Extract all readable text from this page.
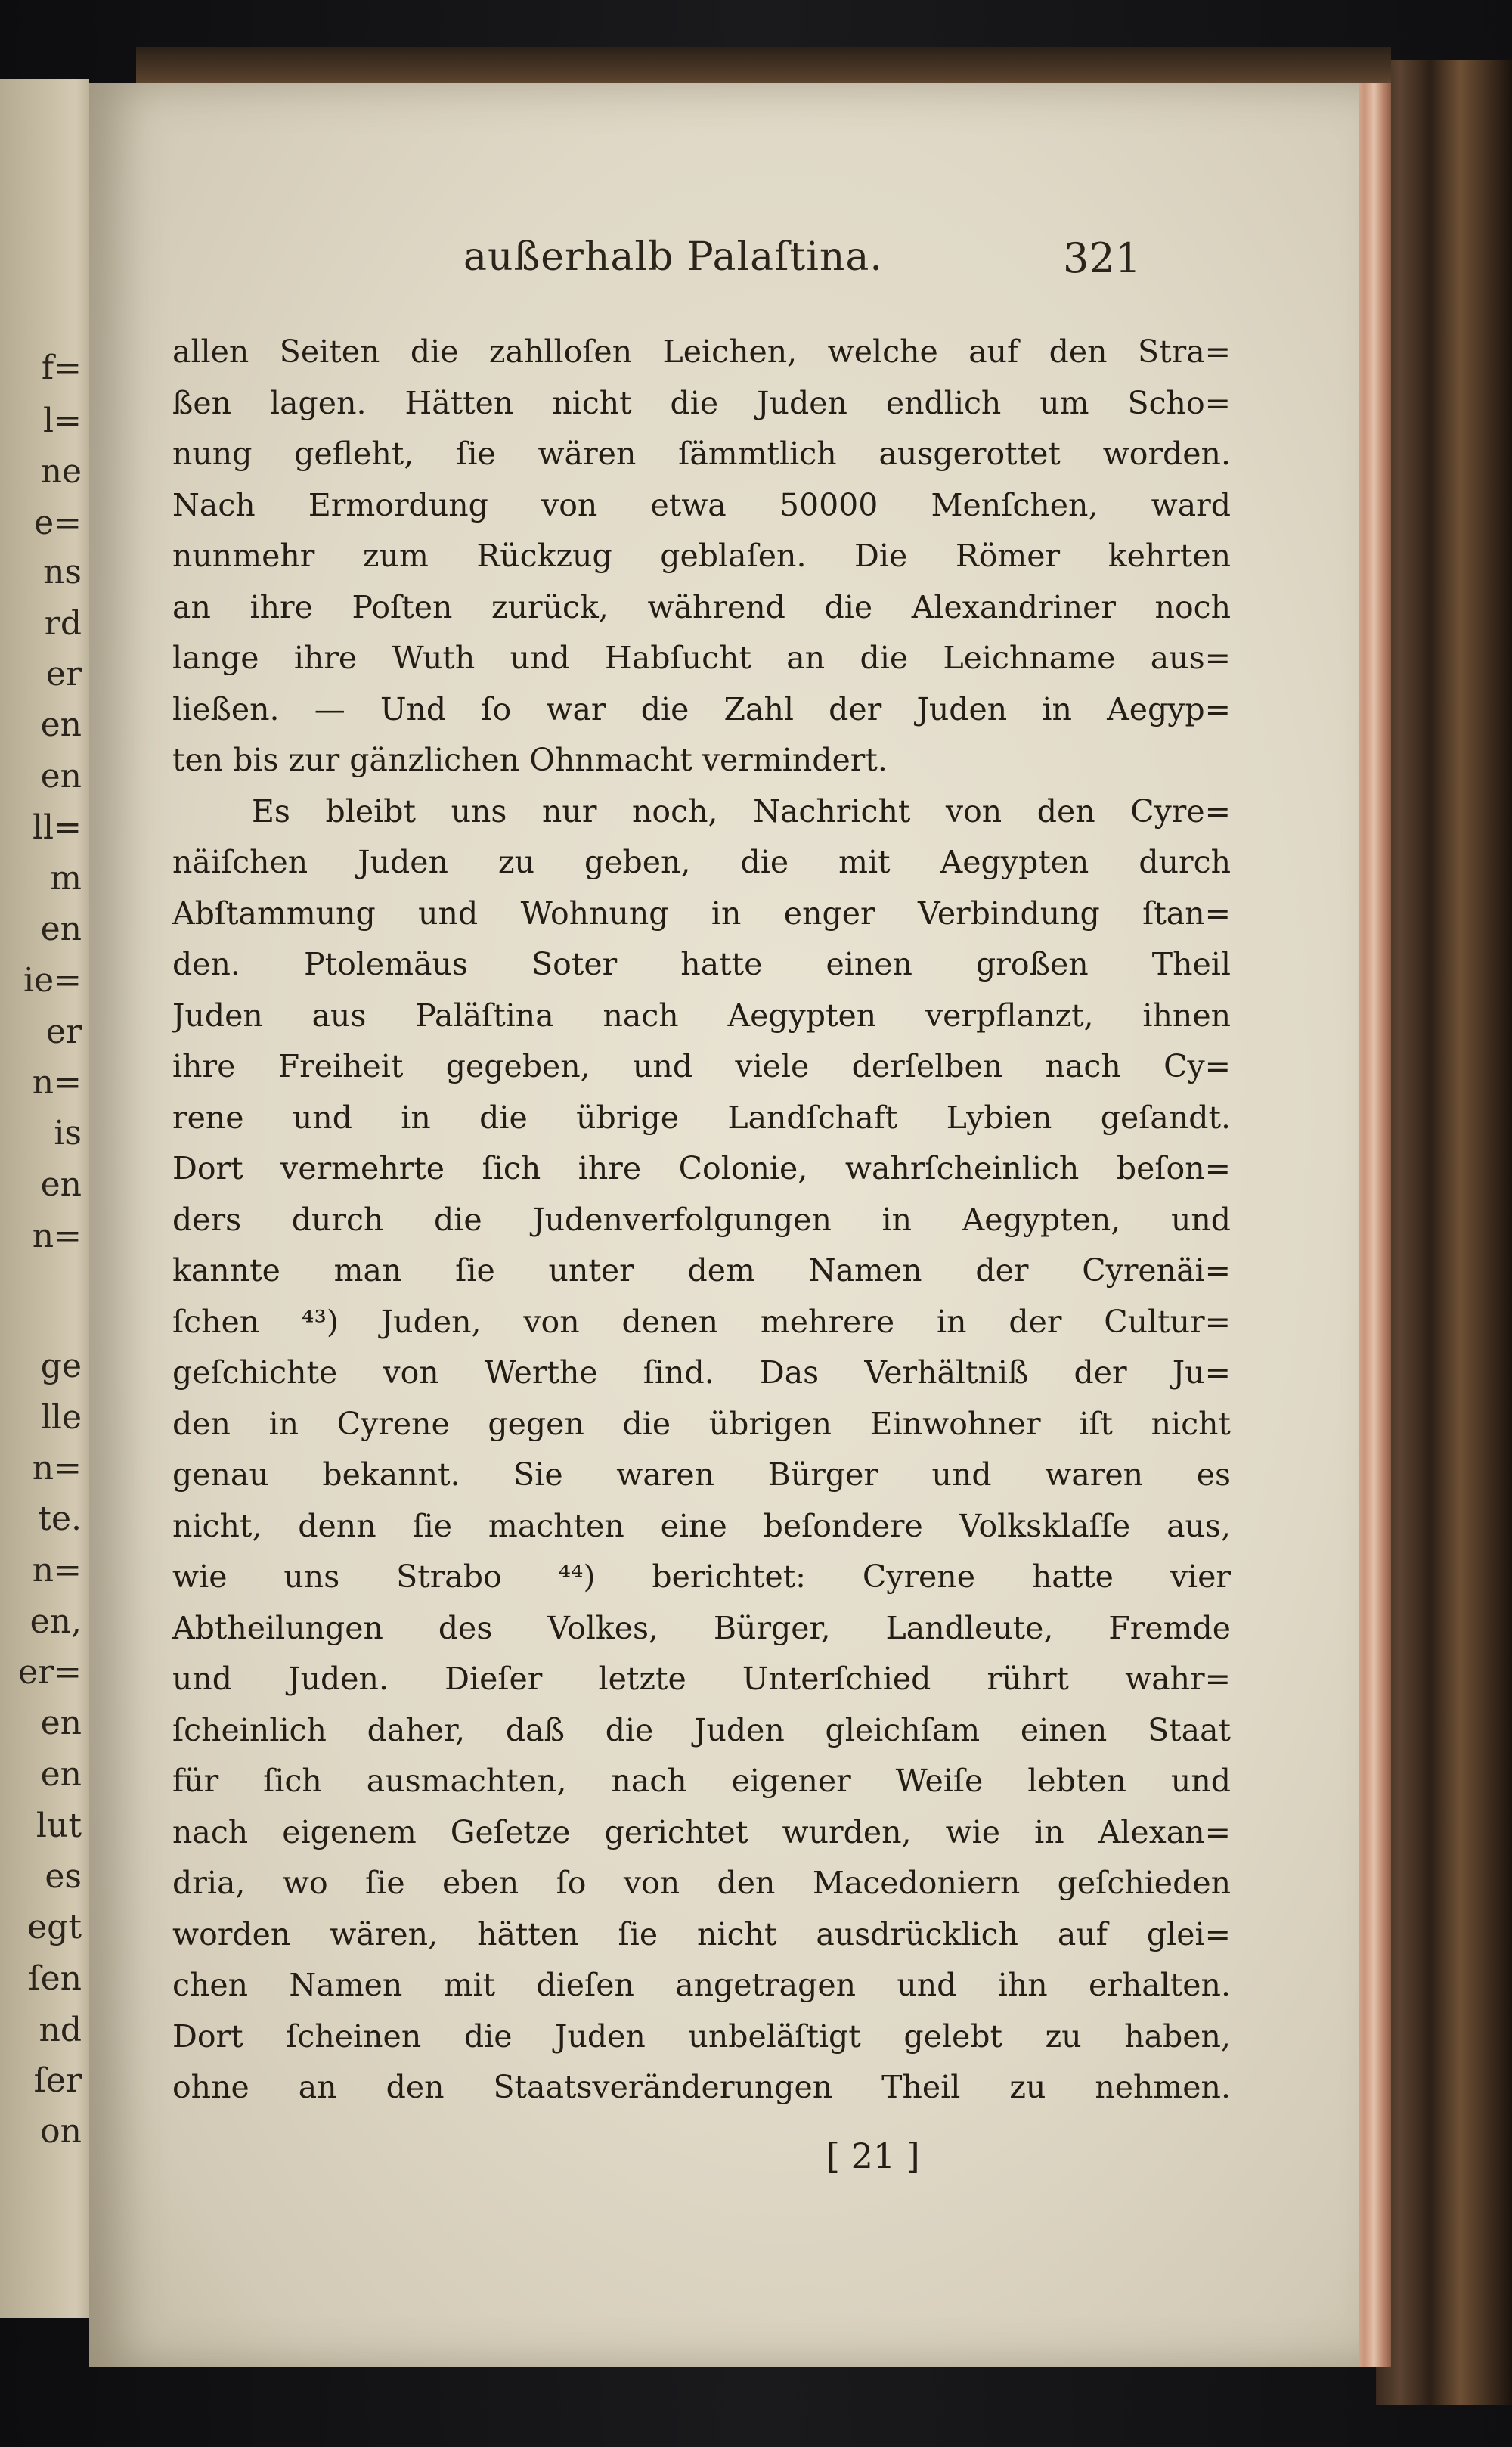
f=
l=
ne
e=
ns
rd
er
en
en
ll=
m
en
ie=
er
n=
is
en
n=
ge
lle
n=
te.
n=
en,
er=
en
en
lut
es
egt
ſen
nd
ſer
on
außerhalb Palaſtina.	321
allen Seiten die zahlloſen Leichen, welche auf den Stra=
ßen lagen. Hätten nicht die Juden endlich um Scho=
nung gefleht, ſie wären ſämmtlich ausgerottet worden.
Nach Ermordung von etwa 50000 Menſchen, ward
nunmehr zum Rückzug geblaſen. Die Römer kehrten
an ihre Poſten zurück, während die Alexandriner noch
lange ihre Wuth und Habſucht an die Leichname aus=
ließen. — Und ſo war die Zahl der Juden in Aegyp=
ten bis zur gänzlichen Ohnmacht vermindert.
Es bleibt uns nur noch, Nachricht von den Cyre=
näiſchen Juden zu geben, die mit Aegypten durch
Abſtammung und Wohnung in enger Verbindung ſtan=
den. Ptolemäus Soter hatte einen großen Theil
Juden aus Paläſtina nach Aegypten verpflanzt, ihnen
ihre Freiheit gegeben, und viele derſelben nach Cy=
rene und in die übrige Landſchaft Lybien geſandt.
Dort vermehrte ſich ihre Colonie, wahrſcheinlich beſon=
ders durch die Judenverfolgungen in Aegypten, und
kannte man ſie unter dem Namen der Cyrenäi=
ſchen ⁴³) Juden, von denen mehrere in der Cultur=
geſchichte von Werthe ſind. Das Verhältniß der Ju=
den in Cyrene gegen die übrigen Einwohner iſt nicht
genau bekannt. Sie waren Bürger und waren es
nicht, denn ſie machten eine beſondere Volksklaſſe aus,
wie uns Strabo ⁴⁴) berichtet: Cyrene hatte vier
Abtheilungen des Volkes, Bürger, Landleute, Fremde
und Juden. Dieſer letzte Unterſchied rührt wahr=
ſcheinlich daher, daß die Juden gleichſam einen Staat
für ſich ausmachten, nach eigener Weiſe lebten und
nach eigenem Geſetze gerichtet wurden, wie in Alexan=
dria, wo ſie eben ſo von den Macedoniern geſchieden
worden wären, hätten ſie nicht ausdrücklich auf glei=
chen Namen mit dieſen angetragen und ihn erhalten.
Dort ſcheinen die Juden unbeläſtigt gelebt zu haben,
ohne an den Staatsveränderungen Theil zu nehmen.
[ 21 ]
